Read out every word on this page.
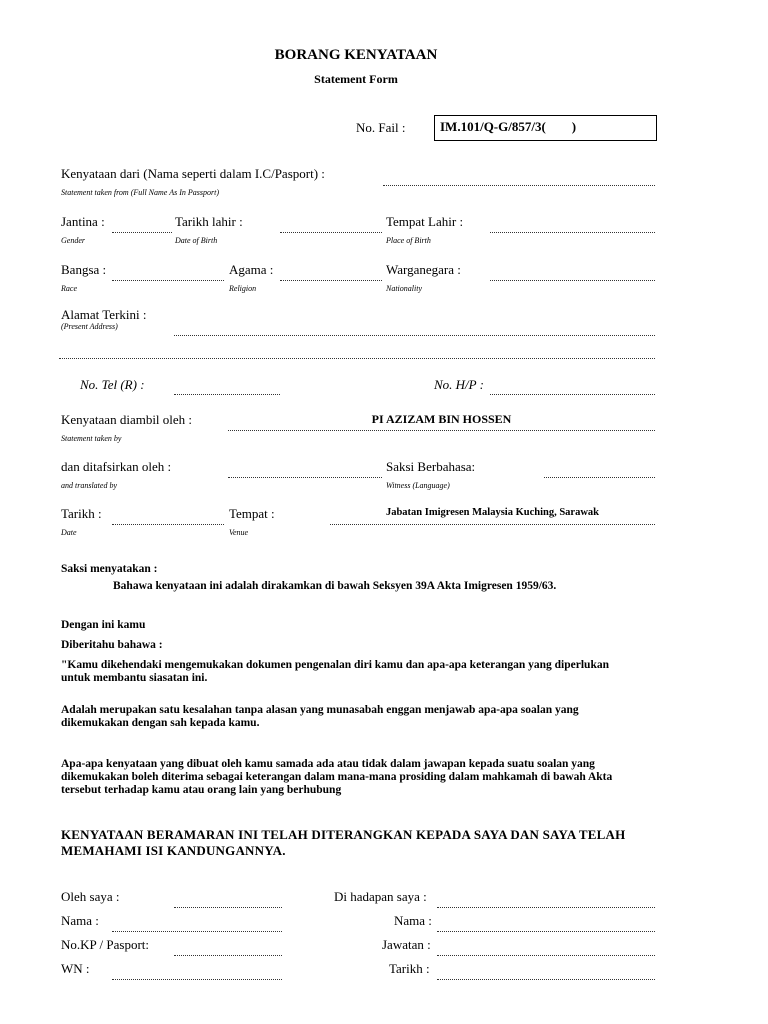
BORANG KENYATAAN
Statement Form
No. Fail :	IM.101/Q-G/857/3(        )
Kenyataan dari (Nama seperti dalam I.C/Pasport) :
Statement taken from (Full Name As In Passport)
Jantina :
Gender
Tarikh lahir :
Date of Birth
Tempat Lahir :
Place of Birth
Bangsa :
Race
Agama :
Religion
Warganegara :
Nationality
Alamat Terkini :
(Present Address)
No. Tel (R) :	No. H/P :
Kenyataan diambil oleh :
Statement taken by
PI AZIZAM BIN HOSSEN
dan ditafsirkan oleh :
and translated by
Saksi Berbahasa:
Witness (Language)
Tarikh :
Date
Tempat :
Venue
Jabatan Imigresen Malaysia Kuching, Sarawak
Saksi menyatakan :
Bahawa kenyataan ini adalah dirakamkan di bawah Seksyen 39A Akta Imigresen 1959/63.
Dengan ini kamu
Diberitahu bahawa :
"Kamu dikehendaki mengemukakan dokumen pengenalan diri kamu dan apa-apa keterangan yang diperlukan untuk membantu siasatan ini.
Adalah merupakan satu kesalahan tanpa alasan yang munasabah enggan menjawab apa-apa soalan yang dikemukakan dengan sah kepada kamu.
Apa-apa kenyataan yang dibuat oleh kamu samada ada atau tidak dalam jawapan kepada suatu soalan yang dikemukakan boleh diterima sebagai keterangan dalam mana-mana prosiding dalam mahkamah di bawah Akta tersebut terhadap kamu atau orang lain yang berhubung
KENYATAAN BERAMARAN INI TELAH DITERANGKAN KEPADA SAYA DAN SAYA TELAH MEMAHAMI ISI KANDUNGANNYA.
Oleh saya :
Nama :
No.KP / Pasport:
WN :
Di hadapan saya :
Nama :
Jawatan :
Tarikh :
